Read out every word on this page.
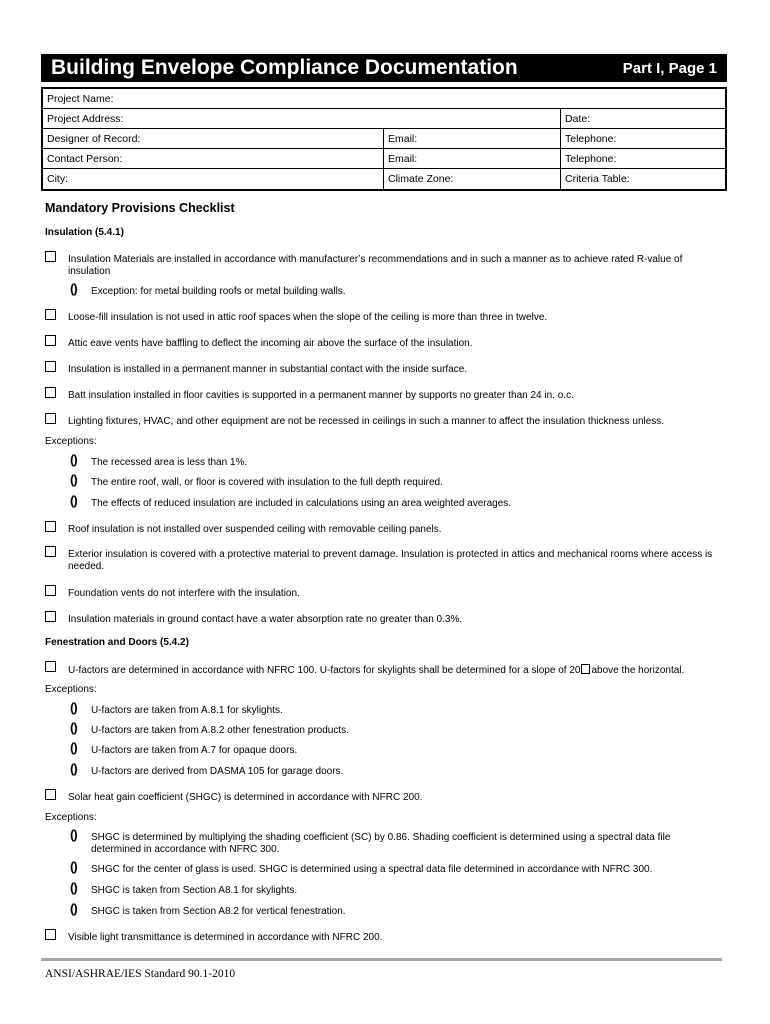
Building Envelope Compliance Documentation	Part I, Page 1
Project Name:
Project Address:	Date:
Designer of Record:	Email:	Telephone:
Contact Person:	Email:	Telephone:
City:	Climate Zone:	Criteria Table:
Mandatory Provisions Checklist
Insulation (5.4.1)
Insulation Materials are installed in accordance with manufacturer’s recommendations and in such a manner as to achieve rated R-value of
insulation
() Exception: for metal building roofs or metal building walls.
Loose-fill insulation is not used in attic roof spaces when the slope of the ceiling is more than three in twelve.
Attic eave vents have baffling to deflect the incoming air above the surface of the insulation.
Insulation is installed in a permanent manner in substantial contact with the inside surface.
Batt insulation installed in floor cavities is supported in a permanent manner by supports no greater than 24 in. o.c.
Lighting fixtures, HVAC, and other equipment are not be recessed in ceilings in such a manner to affect the insulation thickness unless.
Exceptions:
() The recessed area is less than 1%.
() The entire roof, wall, or floor is covered with insulation to the full depth required.
() The effects of reduced insulation are included in calculations using an area weighted averages.
Roof insulation is not installed over suspended ceiling with removable ceiling panels.
Exterior insulation is covered with a protective material to prevent damage. Insulation is protected in attics and mechanical rooms where access is
needed.
Foundation vents do not interfere with the insulation.
Insulation materials in ground contact have a water absorption rate no greater than 0.3%.
Fenestration and Doors (5.4.2)
U-factors are determined in accordance with NFRC 100. U-factors for skylights shall be determined for a slope of 20 above the horizontal.
Exceptions:
() U-factors are taken from A.8.1 for skylights.
() U-factors are taken from A.8.2 other fenestration products.
() U-factors are taken from A.7 for opaque doors.
() U-factors are derived from DASMA 105 for garage doors.
Solar heat gain coefficient (SHGC) is determined in accordance with NFRC 200.
Exceptions:
() SHGC is determined by multiplying the shading coefficient (SC) by 0.86. Shading coefficient is determined using a spectral data file
determined in accordance with NFRC 300.
() SHGC for the center of glass is used. SHGC is determined using a spectral data file determined in accordance with NFRC 300.
() SHGC is taken from Section A8.1 for skylights.
() SHGC is taken from Section A8.2 for vertical fenestration.
Visible light transmittance is determined in accordance with NFRC 200.
ANSI/ASHRAE/IES Standard 90.1-2010
